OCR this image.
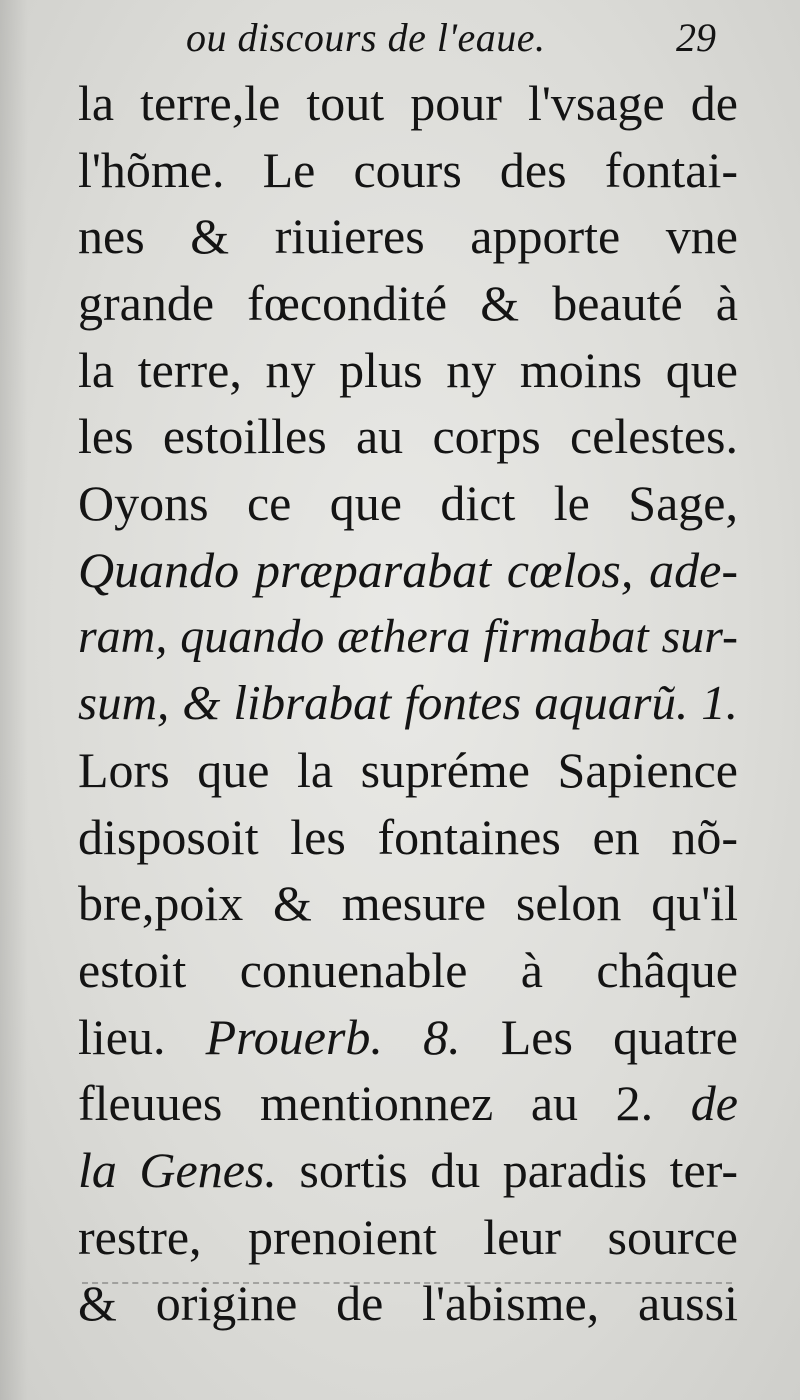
ou discours de l'eaue.	29
la terre,le tout pour l'vsage de
l'hõme. Le cours des fontai-
nes & riuieres apporte vne
grande fœcondité & beauté à
la terre, ny plus ny moins que
les estoilles au corps celestes.
Oyons ce que dict le Sage,
Quando præparabat cœlos, ade-
ram, quando æthera firmabat sur-
sum, & librabat fontes aquarũ. 1.
Lors que la supréme Sapience
disposoit les fontaines en nõ-
bre,poix & mesure selon qu'il
estoit conuenable à châque
lieu. Prouerb. 8. Les quatre
fleuues mentionnez au 2. de
la Genes. sortis du paradis ter-
restre, prenoient leur source
& origine de l'abisme, aussi
